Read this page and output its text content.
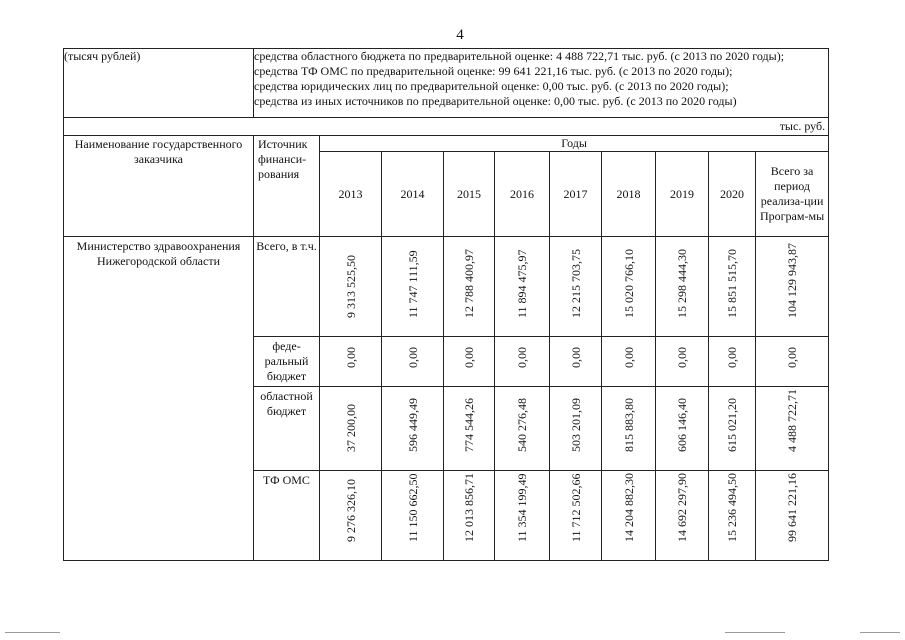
4
(тысяч рублей)	средства областного бюджета по предварительной оценке: 4 488 722,71 тыс. руб. (с 2013 по 2020 годы);
средства ТФ ОМС по предварительной оценке: 99 641 221,16 тыс. руб. (с 2013 по 2020 годы);
средства юридических лиц по предварительной оценке: 0,00 тыс. руб. (с 2013 по 2020 годы);
средства из иных источников по предварительной оценке: 0,00 тыс. руб. (с 2013 по 2020 годы)									

тыс. руб.										
Наименование государственного заказчика	Источник финанси-рования	Годы								
		2013	2014	2015	2016	2017	2018	2019	2020	Всего за период реализа-ции Програм-мы
Министерство здравоохранения Нижегородской области	Всего, в т.ч.	9 313 525,50	11 747 111,59	12 788 400,97	11 894 475,97	12 215 703,75	15 020 766,10	15 298 444,30	15 851 515,70	104 129 943,87

	феде-ральный бюджет	0,00	0,00	0,00	0,00	0,00	0,00	0,00	0,00	0,00

	областной бюджет	37 200,00	596 449,49	774 544,26	540 276,48	503 201,09	815 883,80	606 146,40	615 021,20	4 488 722,71

	ТФ ОМС	9 276 326,10	11 150 662,50	12 013 856,71	11 354 199,49	11 712 502,66	14 204 882,30	14 692 297,90	15 236 494,50	99 641 221,16
